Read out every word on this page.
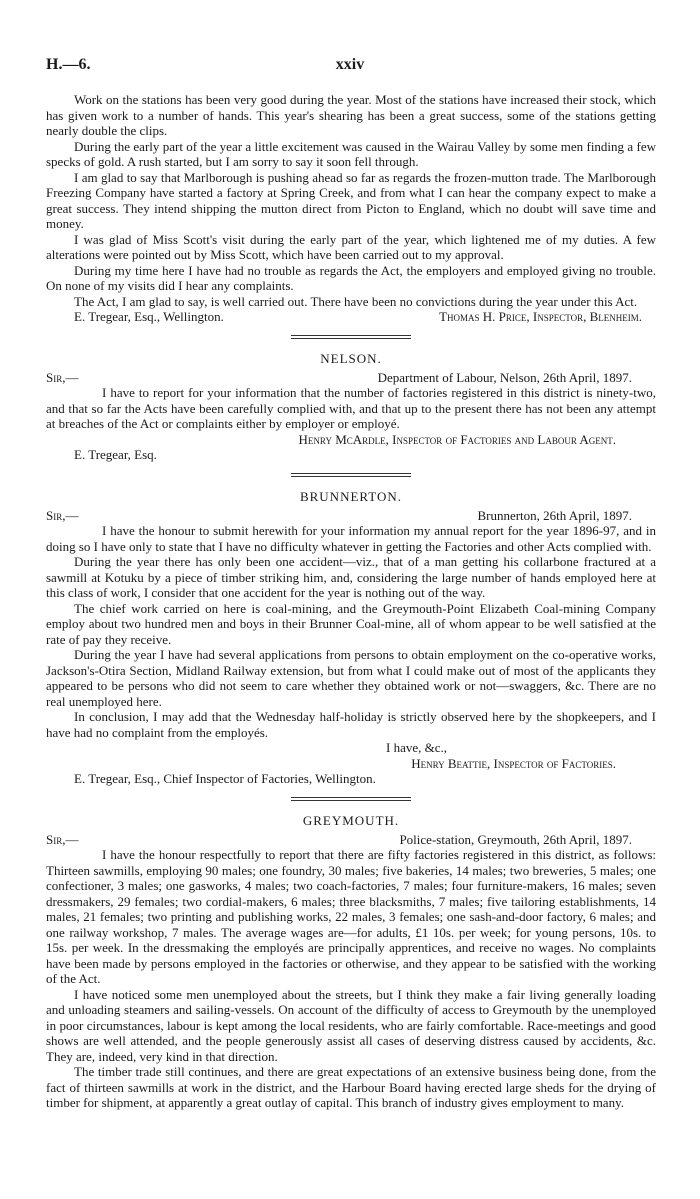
H.—6.	xxiv

Work on the stations has been very good during the year. Most of the stations have increased their stock, which has given work to a number of hands. This year's shearing has been a great success, some of the stations getting nearly double the clips.

During the early part of the year a little excitement was caused in the Wairau Valley by some men finding a few specks of gold. A rush started, but I am sorry to say it soon fell through.

I am glad to say that Marlborough is pushing ahead so far as regards the frozen-mutton trade. The Marlborough Freezing Company have started a factory at Spring Creek, and from what I can hear the company expect to make a great success. They intend shipping the mutton direct from Picton to England, which no doubt will save time and money.

I was glad of Miss Scott's visit during the early part of the year, which lightened me of my duties. A few alterations were pointed out by Miss Scott, which have been carried out to my approval.

During my time here I have had no trouble as regards the Act, the employers and employed giving no trouble. On none of my visits did I hear any complaints.

The Act, I am glad to say, is well carried out. There have been no convictions during the year under this Act.

E. Tregear, Esq., Wellington.	Thomas H. Price, Inspector, Blenheim.
NELSON.
Sir,—	Department of Labour, Nelson, 26th April, 1897.

I have to report for your information that the number of factories registered in this district is ninety-two, and that so far the Acts have been carefully complied with, and that up to the present there has not been any attempt at breaches of the Act or complaints either by employer or employé.

Henry McArdle, Inspector of Factories and Labour Agent.
E. Tregear, Esq.
BRUNNERTON.
Sir,—	Brunnerton, 26th April, 1897.

I have the honour to submit herewith for your information my annual report for the year 1896-97, and in doing so I have only to state that I have no difficulty whatever in getting the Factories and other Acts complied with.

During the year there has only been one accident—viz., that of a man getting his collarbone fractured at a sawmill at Kotuku by a piece of timber striking him, and, considering the large number of hands employed here at this class of work, I consider that one accident for the year is nothing out of the way.

The chief work carried on here is coal-mining, and the Greymouth-Point Elizabeth Coal-mining Company employ about two hundred men and boys in their Brunner Coal-mine, all of whom appear to be well satisfied at the rate of pay they receive.

During the year I have had several applications from persons to obtain employment on the co-operative works, Jackson's-Otira Section, Midland Railway extension, but from what I could make out of most of the applicants they appeared to be persons who did not seem to care whether they obtained work or not—swaggers, &c. There are no real unemployed here.

In conclusion, I may add that the Wednesday half-holiday is strictly observed here by the shopkeepers, and I have had no complaint from the employés.

I have, &c.,
Henry Beattie, Inspector of Factories.
E. Tregear, Esq., Chief Inspector of Factories, Wellington.
GREYMOUTH.
Sir,—	Police-station, Greymouth, 26th April, 1897.

I have the honour respectfully to report that there are fifty factories registered in this district, as follows: Thirteen sawmills, employing 90 males; one foundry, 30 males; five bakeries, 14 males; two breweries, 5 males; one confectioner, 3 males; one gasworks, 4 males; two coach-factories, 7 males; four furniture-makers, 16 males; seven dressmakers, 29 females; two cordial-makers, 6 males; three blacksmiths, 7 males; five tailoring establishments, 14 males, 21 females; two printing and publishing works, 22 males, 3 females; one sash-and-door factory, 6 males; and one railway workshop, 7 males. The average wages are—for adults, £1 10s. per week; for young persons, 10s. to 15s. per week. In the dressmaking the employés are principally apprentices, and receive no wages. No complaints have been made by persons employed in the factories or otherwise, and they appear to be satisfied with the working of the Act.

I have noticed some men unemployed about the streets, but I think they make a fair living generally loading and unloading steamers and sailing-vessels. On account of the difficulty of access to Greymouth by the unemployed in poor circumstances, labour is kept among the local residents, who are fairly comfortable. Race-meetings and good shows are well attended, and the people generously assist all cases of deserving distress caused by accidents, &c. They are, indeed, very kind in that direction.

The timber trade still continues, and there are great expectations of an extensive business being done, from the fact of thirteen sawmills at work in the district, and the Harbour Board having erected large sheds for the drying of timber for shipment, at apparently a great outlay of capital. This branch of industry gives employment to many.
